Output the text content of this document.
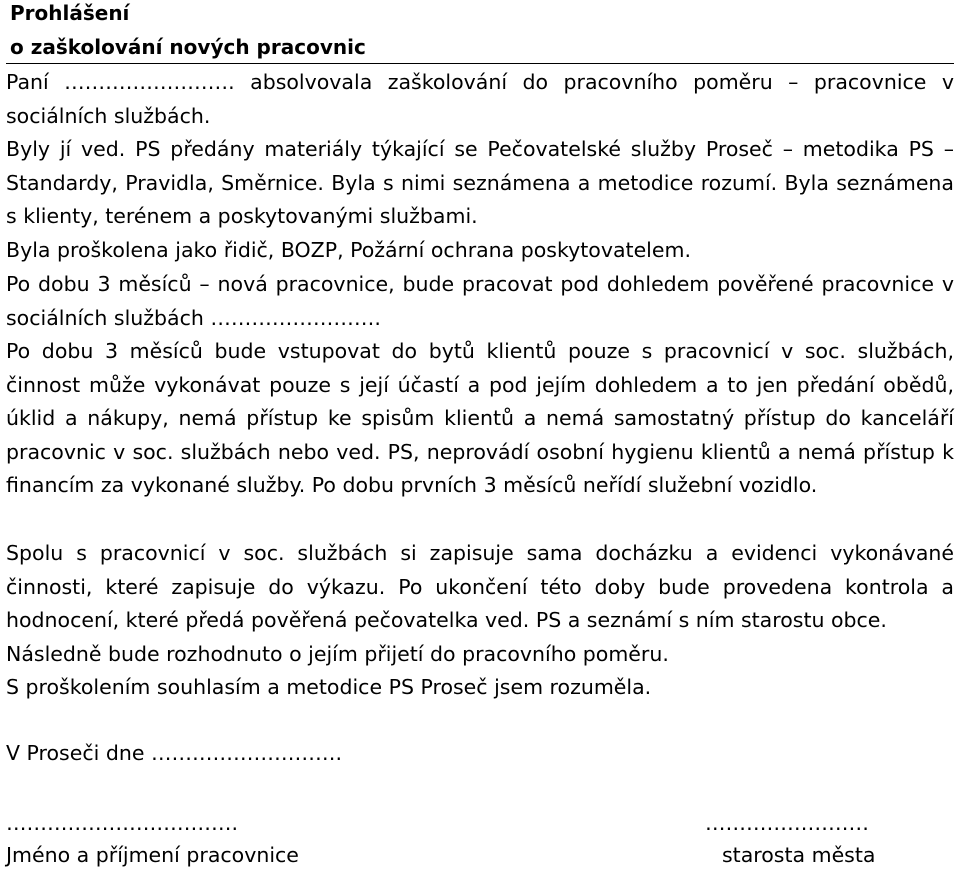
Prohlášení
o zaškolování nových pracovnic

Paní ……………………. absolvovala zaškolování do pracovního poměru – pracovnice v sociálních službách.

Byly jí ved. PS předány materiály týkající se Pečovatelské služby Proseč – metodika PS – Standardy, Pravidla, Směrnice. Byla s nimi seznámena a metodice rozumí. Byla seznámena s klienty, terénem a poskytovanými službami.

Byla proškolena jako řidič, BOZP, Požární ochrana poskytovatelem.

Po dobu 3 měsíců – nová pracovnice, bude pracovat pod dohledem pověřené pracovnice v sociálních službách …………………….

Po dobu 3 měsíců bude vstupovat do bytů klientů pouze s pracovnicí v soc. službách, činnost může vykonávat pouze s její účastí a pod jejím dohledem a to jen předání obědů, úklid a nákupy, nemá přístup ke spisům klientů a nemá samostatný přístup do kanceláří pracovnic v soc. službách nebo ved. PS, neprovádí osobní hygienu klientů a nemá přístup k financím za vykonané služby. Po dobu prvních 3 měsíců neřídí služební vozidlo.

Spolu s pracovnicí v soc. službách si zapisuje sama docházku a evidenci vykonávané činnosti, které zapisuje do výkazu. Po ukončení této doby bude provedena kontrola a hodnocení, které předá pověřená pečovatelka ved. PS a seznámí s ním starostu obce.

Následně bude rozhodnuto o jejím přijetí do pracovního poměru.

S proškolením souhlasím a metodice PS Proseč jsem rozuměla.

V Proseči dne ……………………….
…………………………….
Jméno a příjmení pracovnice
……………………
starosta města
